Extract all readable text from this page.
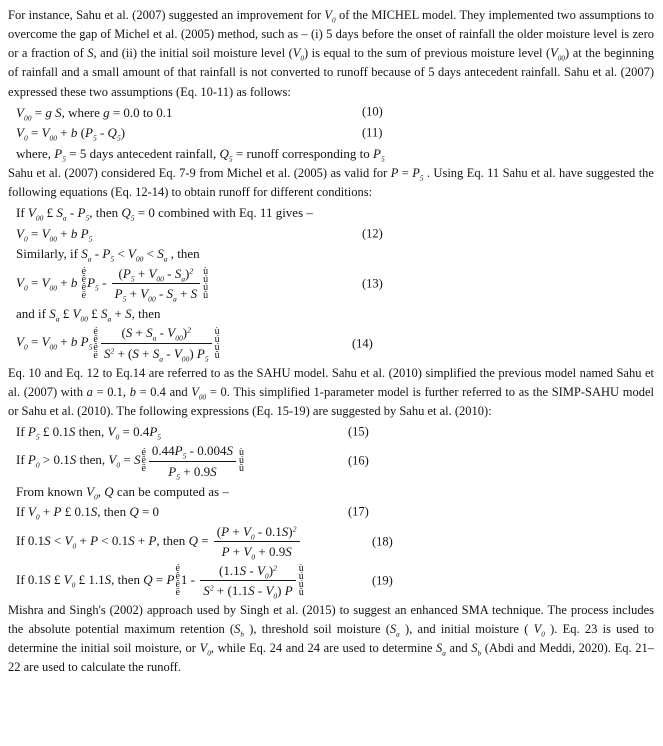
For instance, Sahu et al. (2007) suggested an improvement for $V_0$ of the MICHEL model. They implemented two assumptions to overcome the gap of Michel et al. (2005) method, such as – (i) 5 days before the onset of rainfall the older moisture level is zero or a fraction of S, and (ii) the initial soil moisture level $(V_0)$ is equal to the sum of previous moisture level $(V_{00})$ at the beginning of rainfall and a small amount of that rainfall is not converted to runoff because of 5 days antecedent rainfall. Sahu et al. (2007) expressed these two assumptions (Eq. 10-11) as follows:
$V_{00} = g$ S, where g = 0.0 to 0.1	(10)
$V_0 = V_{00} + b$ $(P_5 - Q_5)$	(11)
where, $P_5 = 5$ days antecedent rainfall, $Q_5$ = runoff corresponding to $P_5$
Sahu et al. (2007) considered Eq. 7-9 from Michel et al. (2005) as valid for $P = P_5$ . Using Eq. 11 Sahu et al. have suggested the following equations (Eq. 12-14) to obtain runoff for different conditions:
If $V_{00}$ £ $S_a - P_5$, then $Q_5 = 0$ combined with Eq. 11 gives –
$V_0 = V_{00} + b$ $P_5$	(12)
Similarly, if $S_a - P_5 < V_{00} < S_a$ , then
$V_0 = V_{00} + b$
é
ê
ê
ë
$P_5 - \frac{(P_5 + V_{00} - S_a)^2}{P_5 + V_{00} - S_a + S}$ ù
ú
ú
û
(13)
and if $S_a$ £ $V_{00}$ £ $S_a + S$, then
$V_0 = V_{00} + b$ $P_5$
é
ê
ê
ë $\frac{(S + S_a - V_{00})^2}{S^2 + (S + S_a - V_{00}) P_5}$ ù
ú
ú
û
(14)
Eq. 10 and Eq. 12 to Eq.14 are referred to as the SAHU model. Sahu et al. (2010) simplified the previous model named Sahu et al. (2007) with a = 0.1, b = 0.4 and $V_{00} = 0$. This simplified 1-parameter model is further referred to as the SIMP-SAHU model or Sahu et al. (2010). The following expressions (Eq. 15-19) are suggested by Sahu et al. (2010):
If $P_5$ £ 0.1S then, $V_0 = 0.4P_5$	(15)
If $P_0 > 0.1S$ then, $V_0 = S$ é
ê
ë $\frac{0.44P_5 - 0.004S}{P_5 + 0.9S}$ ù
ú
û
(16)
From known $V_0$, Q can be computed as –
If $V_0 + P$ £ 0.1S, then Q = 0	(17)
If $0.1S < V_0 + P < 0.1S + P$, then $Q = \frac{(P + V_0 - 0.1S)^2}{P + V_0 + 0.9S}$	(18)
If 0.1S £ $V_0$ £ 1.1S, then Q = P
é
ê
ê
ë
$1 - \frac{(1.1S - V_0)^2}{S^2 + (1.1S - V_0) P}$ ù
ú
ú
û
(19)
Mishra and Singh's (2002) approach used by Singh et al. (2015) to suggest an enhanced SMA technique. The process includes the absolute potential maximum retention ($S_b$ ), threshold soil moisture ($S_a$ ), and initial moisture ( $V_0$ ). Eq. 23 is used to determine the initial soil moisture, or $V_0$, while Eq. 24 and 24 are used to determine $S_a$ and $S_b$ (Abdi and Meddi, 2020). Eq. 21–22 are used to calculate the runoff.
